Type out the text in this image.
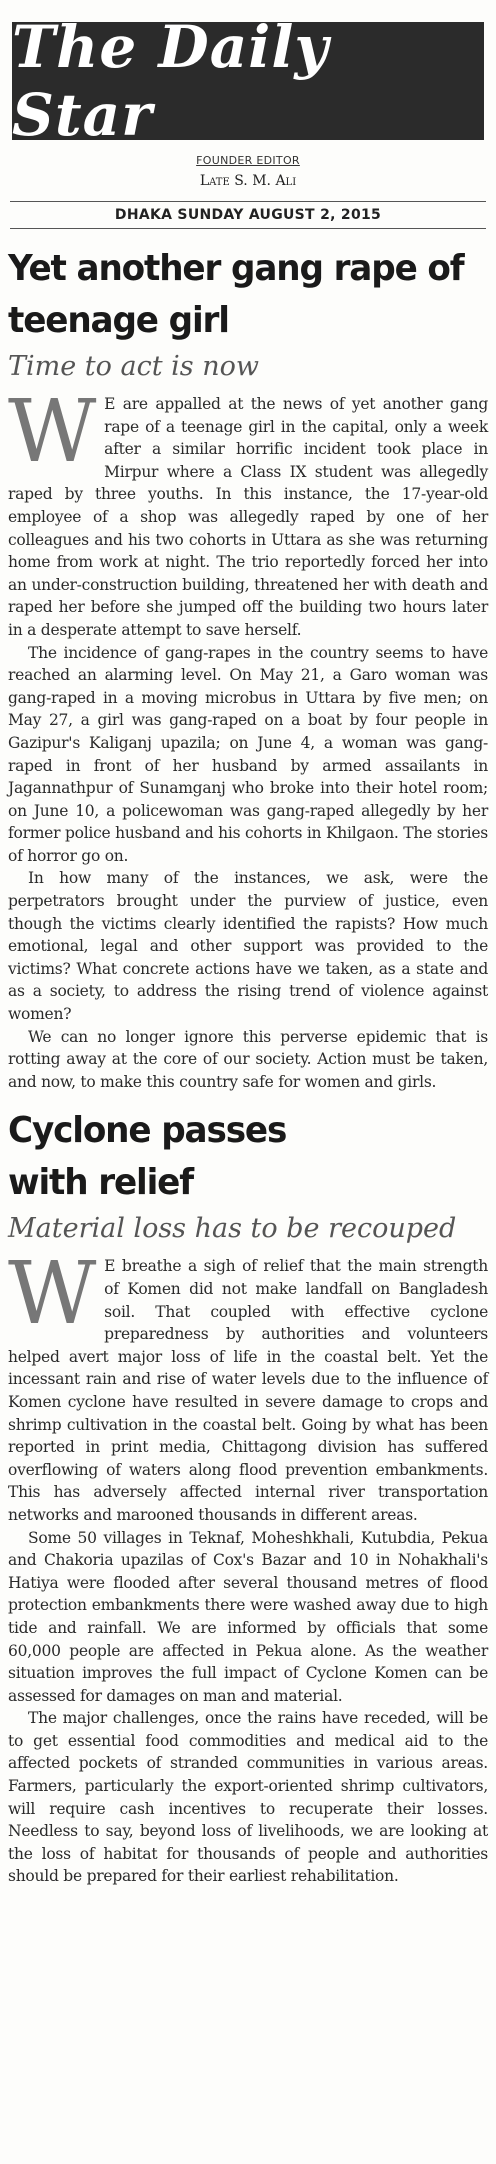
The Daily Star
FOUNDER EDITOR
Late S. M. Ali
DHAKA SUNDAY AUGUST 2, 2015
Yet another gang rape of
teenage girl
Time to act is now

W E are appalled at the news of yet another gang rape of a teenage girl in the capital, only a week after a similar horrific incident took place in Mirpur where a Class IX student was allegedly raped by three youths. In this instance, the 17-year-old employee of a shop was allegedly raped by one of her colleagues and his two cohorts in Uttara as she was returning home from work at night. The trio reportedly forced her into an under-construction building, threatened her with death and raped her before she jumped off the building two hours later in a desperate attempt to save herself.

The incidence of gang-rapes in the country seems to have reached an alarming level. On May 21, a Garo woman was gang-raped in a moving microbus in Uttara by five men; on May 27, a girl was gang-raped on a boat by four people in Gazipur's Kaliganj upazila; on June 4, a woman was gang-raped in front of her husband by armed assailants in Jagannathpur of Sunamganj who broke into their hotel room; on June 10, a policewoman was gang-raped allegedly by her former police husband and his cohorts in Khilgaon. The stories of horror go on.

In how many of the instances, we ask, were the perpetrators brought under the purview of justice, even though the victims clearly identified the rapists? How much emotional, legal and other support was provided to the victims? What concrete actions have we taken, as a state and as a society, to address the rising trend of violence against women?

We can no longer ignore this perverse epidemic that is rotting away at the core of our society. Action must be taken, and now, to make this country safe for women and girls.

Cyclone passes
with relief
Material loss has to be recouped

W E breathe a sigh of relief that the main strength of Komen did not make landfall on Bangladesh soil. That coupled with effective cyclone preparedness by authorities and volunteers helped avert major loss of life in the coastal belt. Yet the incessant rain and rise of water levels due to the influence of Komen cyclone have resulted in severe damage to crops and shrimp cultivation in the coastal belt. Going by what has been reported in print media, Chittagong division has suffered overflowing of waters along flood prevention embankments. This has adversely affected internal river transportation networks and marooned thousands in different areas.

Some 50 villages in Teknaf, Moheshkhali, Kutubdia, Pekua and Chakoria upazilas of Cox's Bazar and 10 in Nohakhali's Hatiya were flooded after several thousand metres of flood protection embankments there were washed away due to high tide and rainfall. We are informed by officials that some 60,000 people are affected in Pekua alone. As the weather situation improves the full impact of Cyclone Komen can be assessed for damages on man and material.

The major challenges, once the rains have receded, will be to get essential food commodities and medical aid to the affected pockets of stranded communities in various areas. Farmers, particularly the export-oriented shrimp cultivators, will require cash incentives to recuperate their losses. Needless to say, beyond loss of livelihoods, we are looking at the loss of habitat for thousands of people and authorities should be prepared for their earliest rehabilitation.
